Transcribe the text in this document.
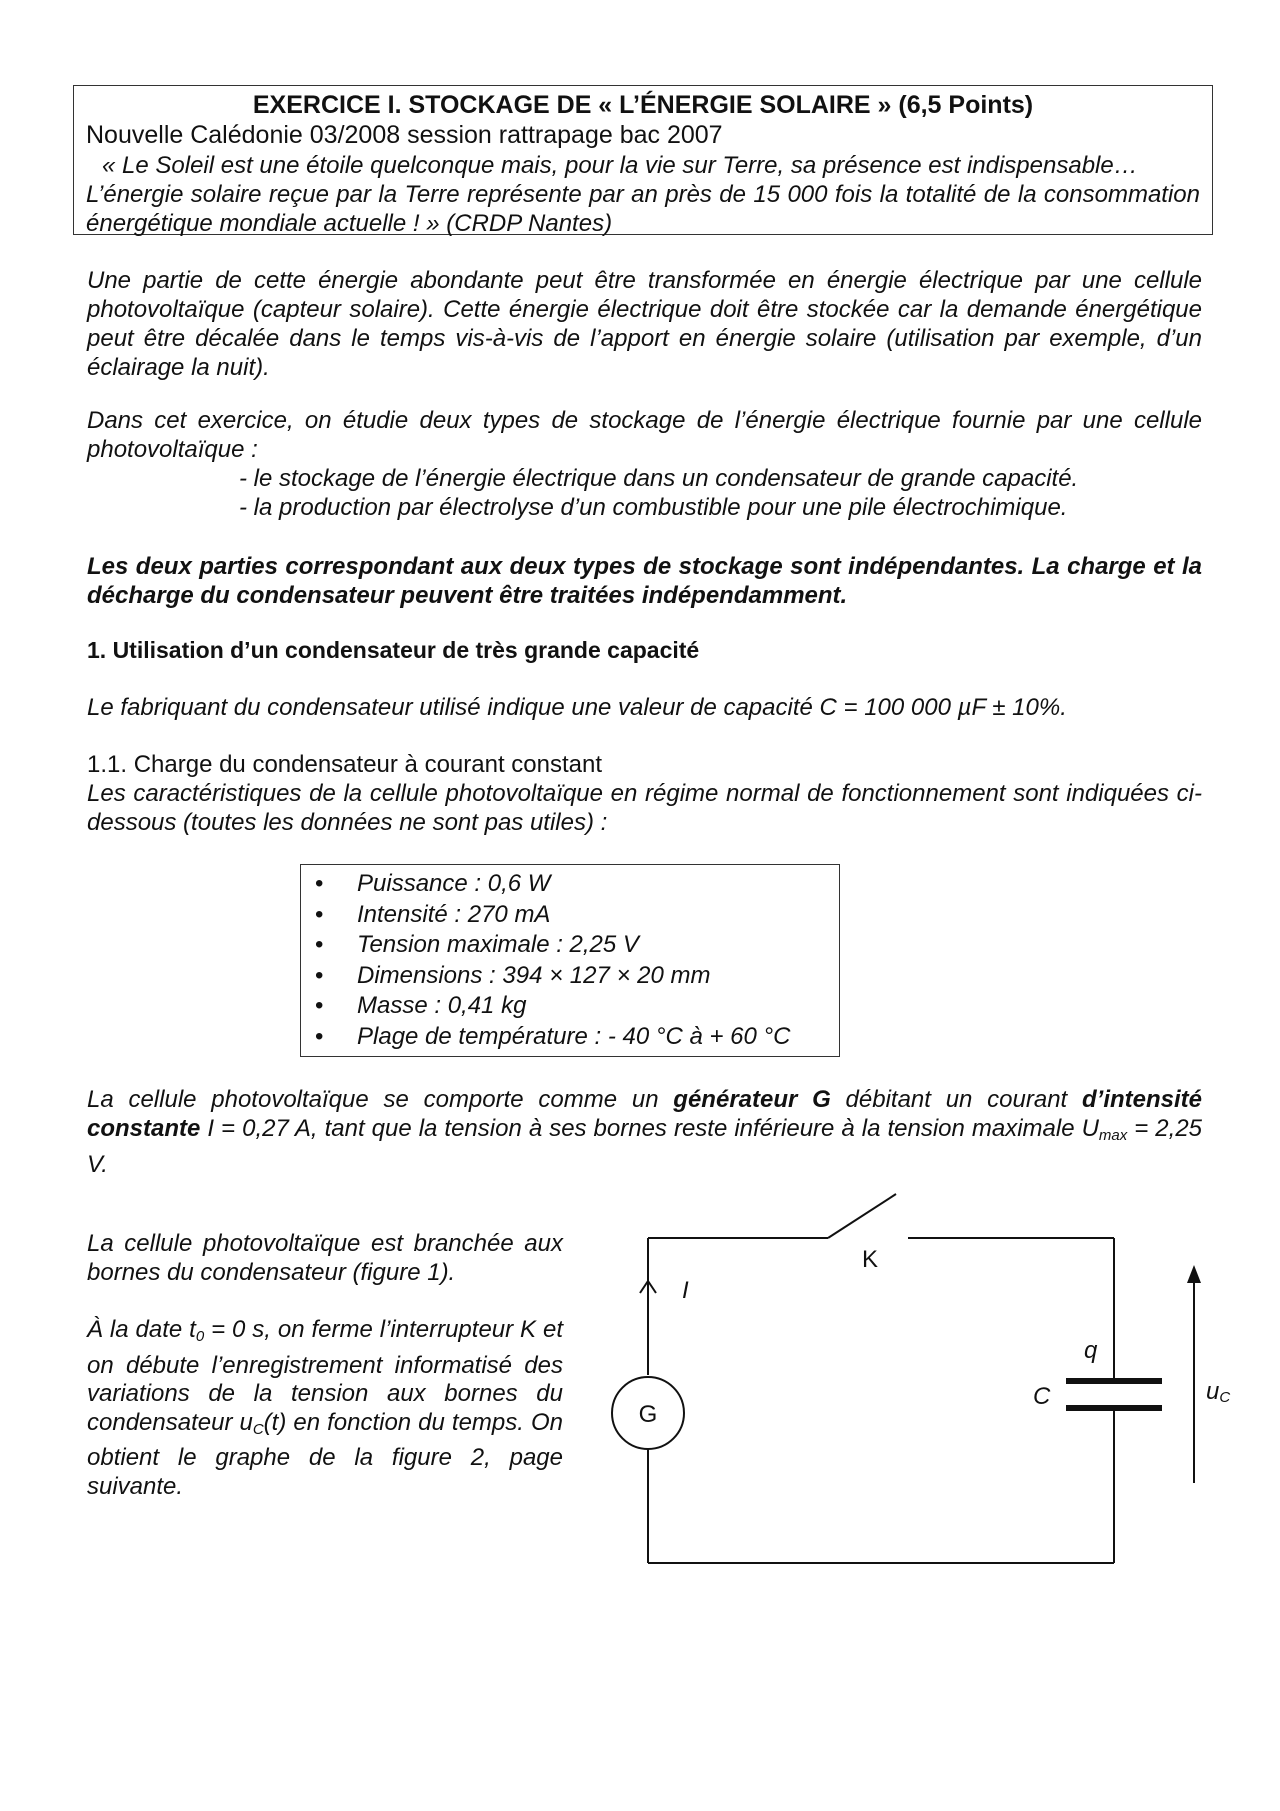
EXERCICE I. STOCKAGE DE « L’ÉNERGIE SOLAIRE » (6,5 Points)
Nouvelle Calédonie 03/2008 session rattrapage bac 2007
« Le Soleil est une étoile quelconque mais, pour la vie sur Terre, sa présence est indispensable…
L’énergie solaire reçue par la Terre représente par an près de 15 000 fois la totalité de la consommation énergétique mondiale actuelle ! » (CRDP Nantes)
Une partie de cette énergie abondante peut être transformée en énergie électrique par une cellule photovoltaïque (capteur solaire). Cette énergie électrique doit être stockée car la demande énergétique peut être décalée dans le temps vis-à-vis de l’apport en énergie solaire (utilisation par exemple, d’un éclairage la nuit).
Dans cet exercice, on étudie deux types de stockage de l’énergie électrique fournie par une cellule photovoltaïque :
- le stockage de l’énergie électrique dans un condensateur de grande capacité.
- la production par électrolyse d’un combustible pour une pile électrochimique.
Les deux parties correspondant aux deux types de stockage sont indépendantes. La charge et la décharge du condensateur peuvent être traitées indépendamment.
1. Utilisation d’un condensateur de très grande capacité
Le fabriquant du condensateur utilisé indique une valeur de capacité C = 100 000 µF ± 10%.
1.1. Charge du condensateur à courant constant
Les caractéristiques de la cellule photovoltaïque en régime normal de fonctionnement sont indiquées ci-dessous (toutes les données ne sont pas utiles) :
•	Puissance : 0,6 W
•	Intensité : 270 mA
•	Tension maximale : 2,25 V
•	Dimensions : 394 × 127 × 20 mm
•	Masse : 0,41 kg
•	Plage de température : - 40 °C à + 60 °C
La cellule photovoltaïque se comporte comme un générateur G débitant un courant d’intensité constante I = 0,27 A, tant que la tension à ses bornes reste inférieure à la tension maximale $U_{max} = 2,25$ V.
La cellule photovoltaïque est branchée aux bornes du condensateur (figure 1).
À la date $t_0 = 0$ s, on ferme l’interrupteur K et on débute l’enregistrement informatisé des variations de la tension aux bornes du condensateur $u_C(t)$ en fonction du temps. On obtient le graphe de la figure 2, page suivante.
K
I
G
q
C	uC
